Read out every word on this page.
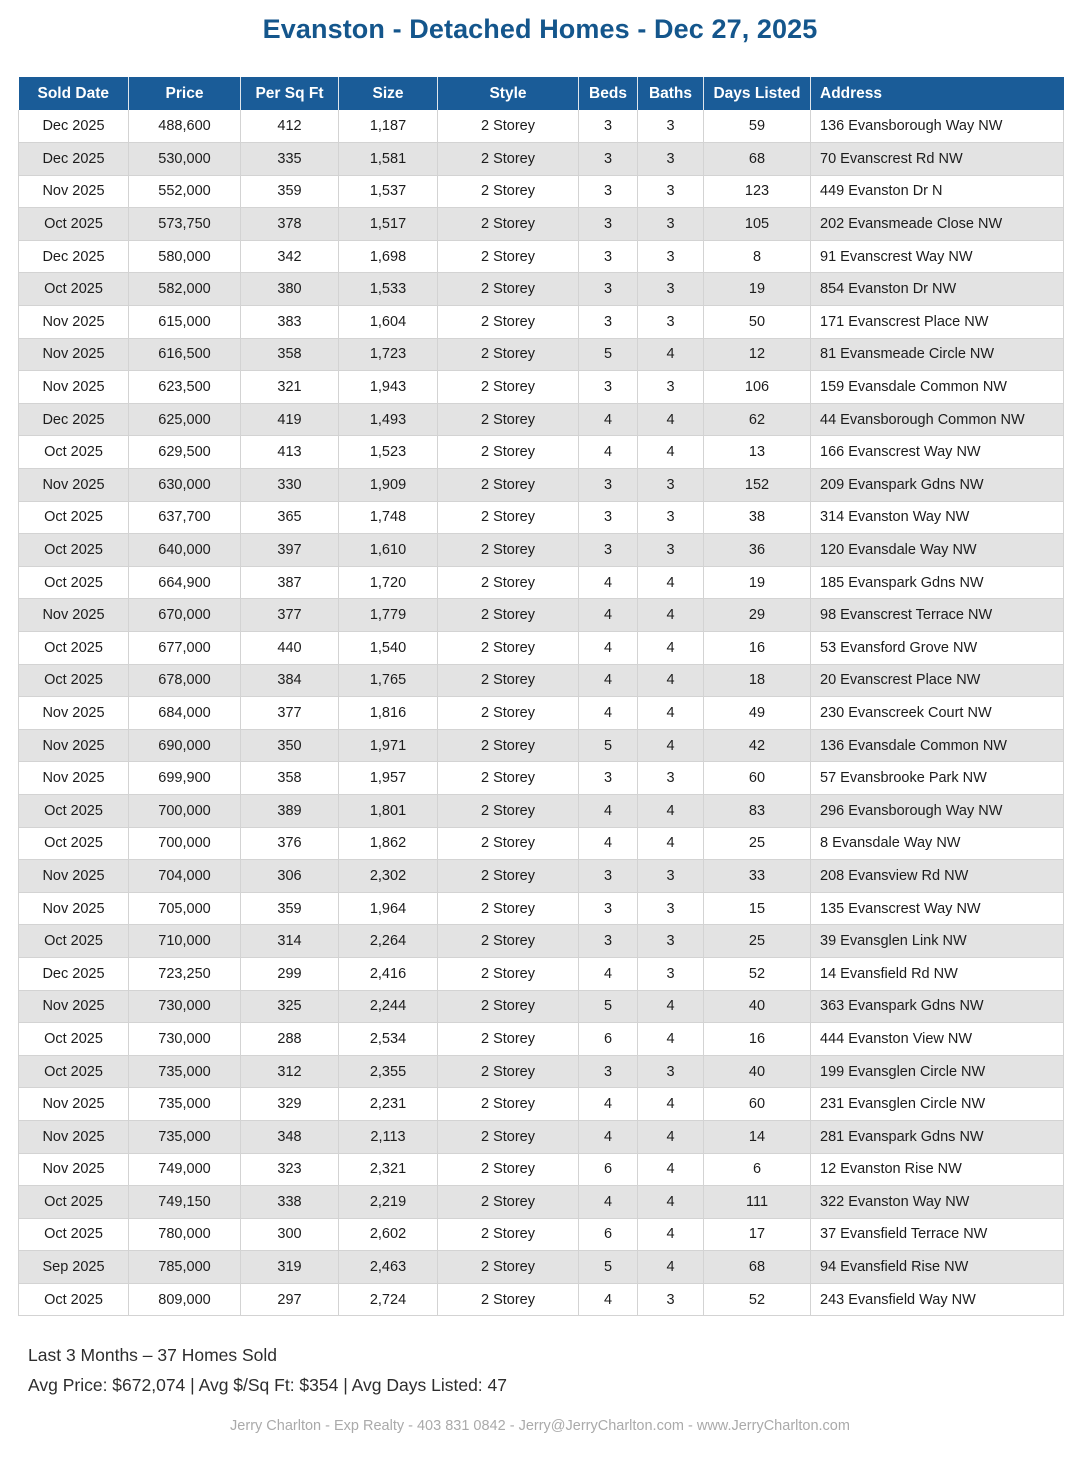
Evanston - Detached Homes - Dec 27, 2025
Sold Date	Price	Per Sq Ft	Size	Style	Beds	Baths	Days Listed	Address
Dec 2025	488,600	412	1,187	2 Storey	3	3	59	136 Evansborough Way NW
Dec 2025	530,000	335	1,581	2 Storey	3	3	68	70 Evanscrest Rd NW
Nov 2025	552,000	359	1,537	2 Storey	3	3	123	449 Evanston Dr N
Oct 2025	573,750	378	1,517	2 Storey	3	3	105	202 Evansmeade Close NW
Dec 2025	580,000	342	1,698	2 Storey	3	3	8	91 Evanscrest Way NW
Oct 2025	582,000	380	1,533	2 Storey	3	3	19	854 Evanston Dr NW
Nov 2025	615,000	383	1,604	2 Storey	3	3	50	171 Evanscrest Place NW
Nov 2025	616,500	358	1,723	2 Storey	5	4	12	81 Evansmeade Circle NW
Nov 2025	623,500	321	1,943	2 Storey	3	3	106	159 Evansdale Common NW
Dec 2025	625,000	419	1,493	2 Storey	4	4	62	44 Evansborough Common NW
Oct 2025	629,500	413	1,523	2 Storey	4	4	13	166 Evanscrest Way NW
Nov 2025	630,000	330	1,909	2 Storey	3	3	152	209 Evanspark Gdns NW
Oct 2025	637,700	365	1,748	2 Storey	3	3	38	314 Evanston Way NW
Oct 2025	640,000	397	1,610	2 Storey	3	3	36	120 Evansdale Way NW
Oct 2025	664,900	387	1,720	2 Storey	4	4	19	185 Evanspark Gdns NW
Nov 2025	670,000	377	1,779	2 Storey	4	4	29	98 Evanscrest Terrace NW
Oct 2025	677,000	440	1,540	2 Storey	4	4	16	53 Evansford Grove NW
Oct 2025	678,000	384	1,765	2 Storey	4	4	18	20 Evanscrest Place NW
Nov 2025	684,000	377	1,816	2 Storey	4	4	49	230 Evanscreek Court NW
Nov 2025	690,000	350	1,971	2 Storey	5	4	42	136 Evansdale Common NW
Nov 2025	699,900	358	1,957	2 Storey	3	3	60	57 Evansbrooke Park NW
Oct 2025	700,000	389	1,801	2 Storey	4	4	83	296 Evansborough Way NW
Oct 2025	700,000	376	1,862	2 Storey	4	4	25	8 Evansdale Way NW
Nov 2025	704,000	306	2,302	2 Storey	3	3	33	208 Evansview Rd NW
Nov 2025	705,000	359	1,964	2 Storey	3	3	15	135 Evanscrest Way NW
Oct 2025	710,000	314	2,264	2 Storey	3	3	25	39 Evansglen Link NW
Dec 2025	723,250	299	2,416	2 Storey	4	3	52	14 Evansfield Rd NW
Nov 2025	730,000	325	2,244	2 Storey	5	4	40	363 Evanspark Gdns NW
Oct 2025	730,000	288	2,534	2 Storey	6	4	16	444 Evanston View NW
Oct 2025	735,000	312	2,355	2 Storey	3	3	40	199 Evansglen Circle NW
Nov 2025	735,000	329	2,231	2 Storey	4	4	60	231 Evansglen Circle NW
Nov 2025	735,000	348	2,113	2 Storey	4	4	14	281 Evanspark Gdns NW
Nov 2025	749,000	323	2,321	2 Storey	6	4	6	12 Evanston Rise NW
Oct 2025	749,150	338	2,219	2 Storey	4	4	111	322 Evanston Way NW
Oct 2025	780,000	300	2,602	2 Storey	6	4	17	37 Evansfield Terrace NW
Sep 2025	785,000	319	2,463	2 Storey	5	4	68	94 Evansfield Rise NW
Oct 2025	809,000	297	2,724	2 Storey	4	3	52	243 Evansfield Way NW
Last 3 Months – 37 Homes Sold
Avg Price: $672,074 | Avg $/Sq Ft: $354 | Avg Days Listed: 47
Jerry Charlton - Exp Realty - 403 831 0842 - Jerry@JerryCharlton.com - www.JerryCharlton.com
